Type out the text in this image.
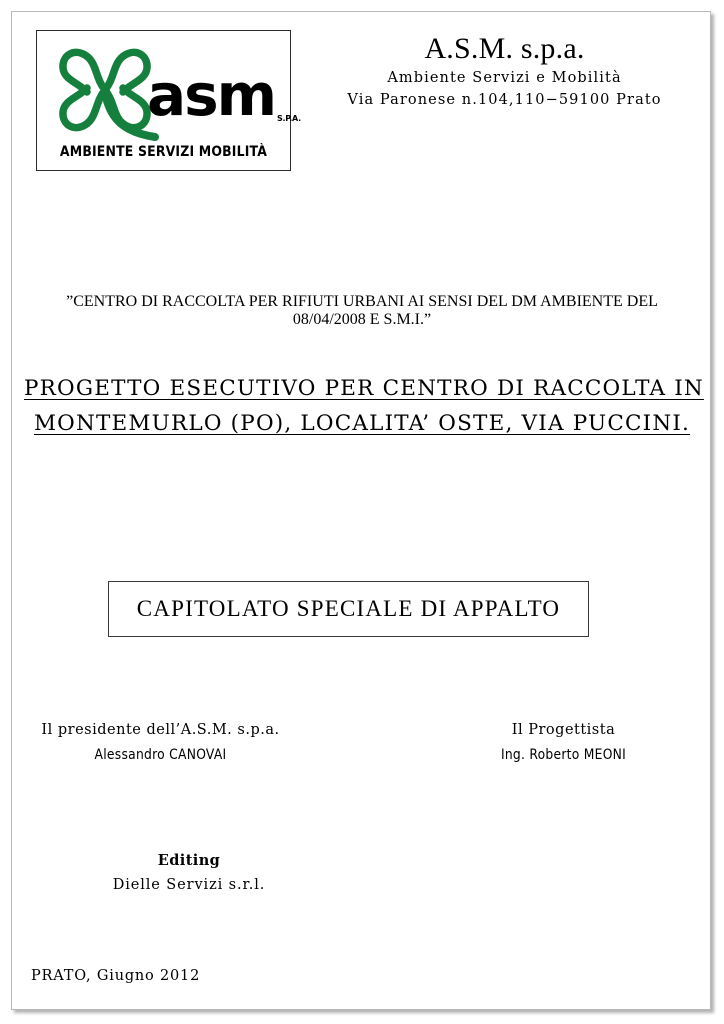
asm S.P.A.
AMBIENTE SERVIZI MOBILITÀ
A.S.M. s.p.a.
Ambiente Servizi e Mobilità
Via Paronese n.104,110−59100 Prato
”CENTRO DI RACCOLTA PER RIFIUTI URBANI AI SENSI DEL DM AMBIENTE DEL 08/04/2008 E S.M.I.”
PROGETTO ESECUTIVO PER CENTRO DI RACCOLTA IN
MONTEMURLO (PO), LOCALITA’ OSTE, VIA PUCCINI.
CAPITOLATO SPECIALE DI APPALTO
Il presidente dell’A.S.M. s.p.a.
Alessandro CANOVAI
Il Progettista
Ing. Roberto MEONI
Editing
Dielle Servizi s.r.l.
PRATO, Giugno 2012
